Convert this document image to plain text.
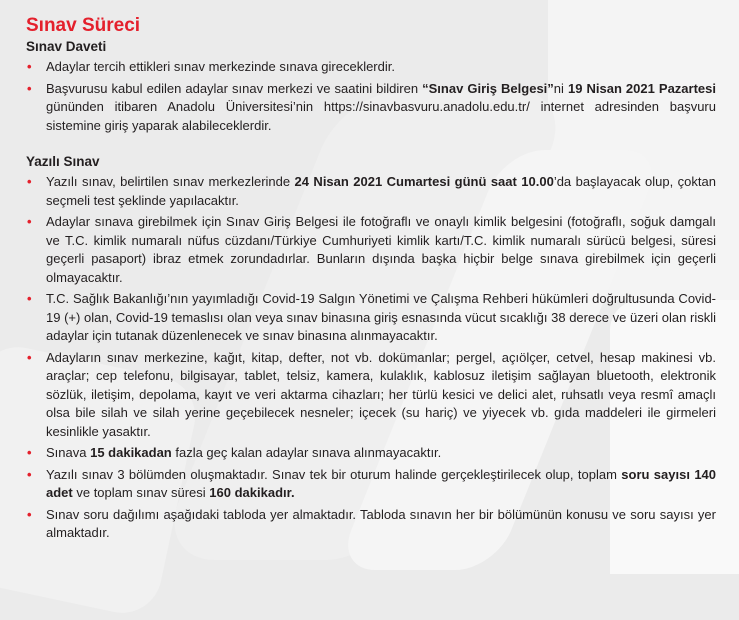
Sınav Süreci
Sınav Daveti
• Adaylar tercih ettikleri sınav merkezinde sınava gireceklerdir.
• Başvurusu kabul edilen adaylar sınav merkezi ve saatini bildiren “Sınav Giriş Belgesi”ni 19 Nisan 2021 Pazartesi gününden itibaren Anadolu Üniversitesi’nin https://sinavbasvuru.anadolu.edu.tr/ internet adresinden başvuru sistemine giriş yaparak alabileceklerdir.
Yazılı Sınav
• Yazılı sınav, belirtilen sınav merkezlerinde 24 Nisan 2021 Cumartesi günü saat 10.00’da başlayacak olup, çoktan seçmeli test şeklinde yapılacaktır.
• Adaylar sınava girebilmek için Sınav Giriş Belgesi ile fotoğraflı ve onaylı kimlik belgesini (fotoğraflı, soğuk damgalı ve T.C. kimlik numaralı nüfus cüzdanı/Türkiye Cumhuriyeti kimlik kartı/T.C. kimlik numaralı sürücü belgesi, süresi geçerli pasaport) ibraz etmek zorundadırlar. Bunların dışında başka hiçbir belge sınava girebilmek için geçerli olmayacaktır.
• T.C. Sağlık Bakanlığı’nın yayımladığı Covid-19 Salgın Yönetimi ve Çalışma Rehberi hükümleri doğrultusunda Covid-19 (+) olan, Covid-19 temaslısı olan veya sınav binasına giriş esnasında vücut sıcaklığı 38 derece ve üzeri olan riskli adaylar için tutanak düzenlenecek ve sınav binasına alınmayacaktır.
• Adayların sınav merkezine, kağıt, kitap, defter, not vb. dokümanlar; pergel, açıölçer, cetvel, hesap makinesi vb. araçlar; cep telefonu, bilgisayar, tablet, telsiz, kamera, kulaklık, kablosuz iletişim sağlayan bluetooth, elektronik sözlük, iletişim, depolama, kayıt ve veri aktarma cihazları; her türlü kesici ve delici alet, ruhsatlı veya resmî amaçlı olsa bile silah ve silah yerine geçebilecek nesneler; içecek (su hariç) ve yiyecek vb. gıda maddeleri ile girmeleri kesinlikle yasaktır.
• Sınava 15 dakikadan fazla geç kalan adaylar sınava alınmayacaktır.
• Yazılı sınav 3 bölümden oluşmaktadır. Sınav tek bir oturum halinde gerçekleştirilecek olup, toplam soru sayısı 140 adet ve toplam sınav süresi 160 dakikadır.
• Sınav soru dağılımı aşağıdaki tabloda yer almaktadır. Tabloda sınavın her bir bölümünün konusu ve soru sayısı yer almaktadır.
